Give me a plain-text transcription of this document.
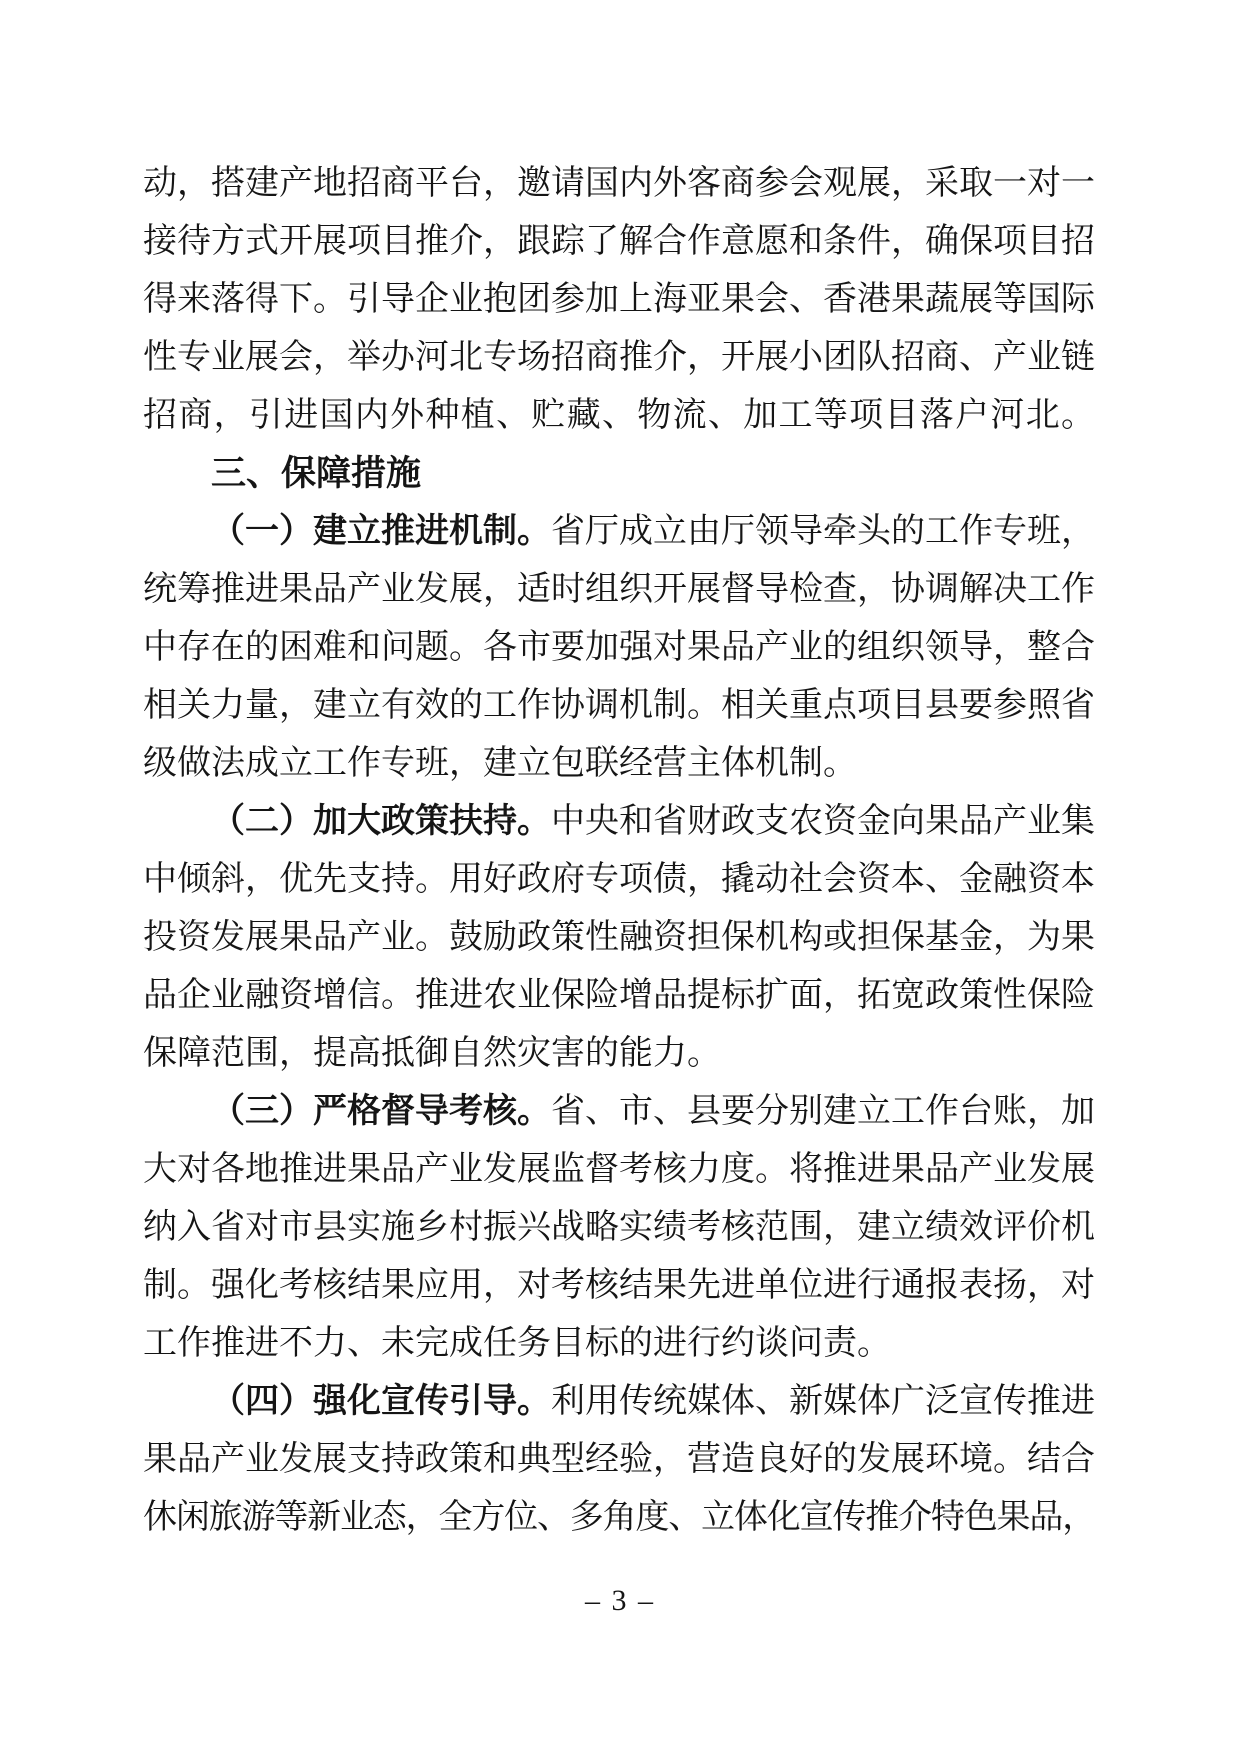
动，搭建产地招商平台，邀请国内外客商参会观展，采取一对一
接待方式开展项目推介，跟踪了解合作意愿和条件，确保项目招
得来落得下。引导企业抱团参加上海亚果会、香港果蔬展等国际
性专业展会，举办河北专场招商推介，开展小团队招商、产业链
招商，引进国内外种植、贮藏、物流、加工等项目落户河北。
三、保障措施
（一）建立推进机制。省厅成立由厅领导牵头的工作专班，
统筹推进果品产业发展，适时组织开展督导检查，协调解决工作
中存在的困难和问题。各市要加强对果品产业的组织领导，整合
相关力量，建立有效的工作协调机制。相关重点项目县要参照省
级做法成立工作专班，建立包联经营主体机制。
（二）加大政策扶持。中央和省财政支农资金向果品产业集
中倾斜，优先支持。用好政府专项债，撬动社会资本、金融资本
投资发展果品产业。鼓励政策性融资担保机构或担保基金，为果
品企业融资增信。推进农业保险增品提标扩面，拓宽政策性保险
保障范围，提高抵御自然灾害的能力。
（三）严格督导考核。省、市、县要分别建立工作台账，加
大对各地推进果品产业发展监督考核力度。将推进果品产业发展
纳入省对市县实施乡村振兴战略实绩考核范围，建立绩效评价机
制。强化考核结果应用，对考核结果先进单位进行通报表扬，对
工作推进不力、未完成任务目标的进行约谈问责。
（四）强化宣传引导。利用传统媒体、新媒体广泛宣传推进
果品产业发展支持政策和典型经验，营造良好的发展环境。结合
休闲旅游等新业态，全方位、多角度、立体化宣传推介特色果品，
– 3 –
